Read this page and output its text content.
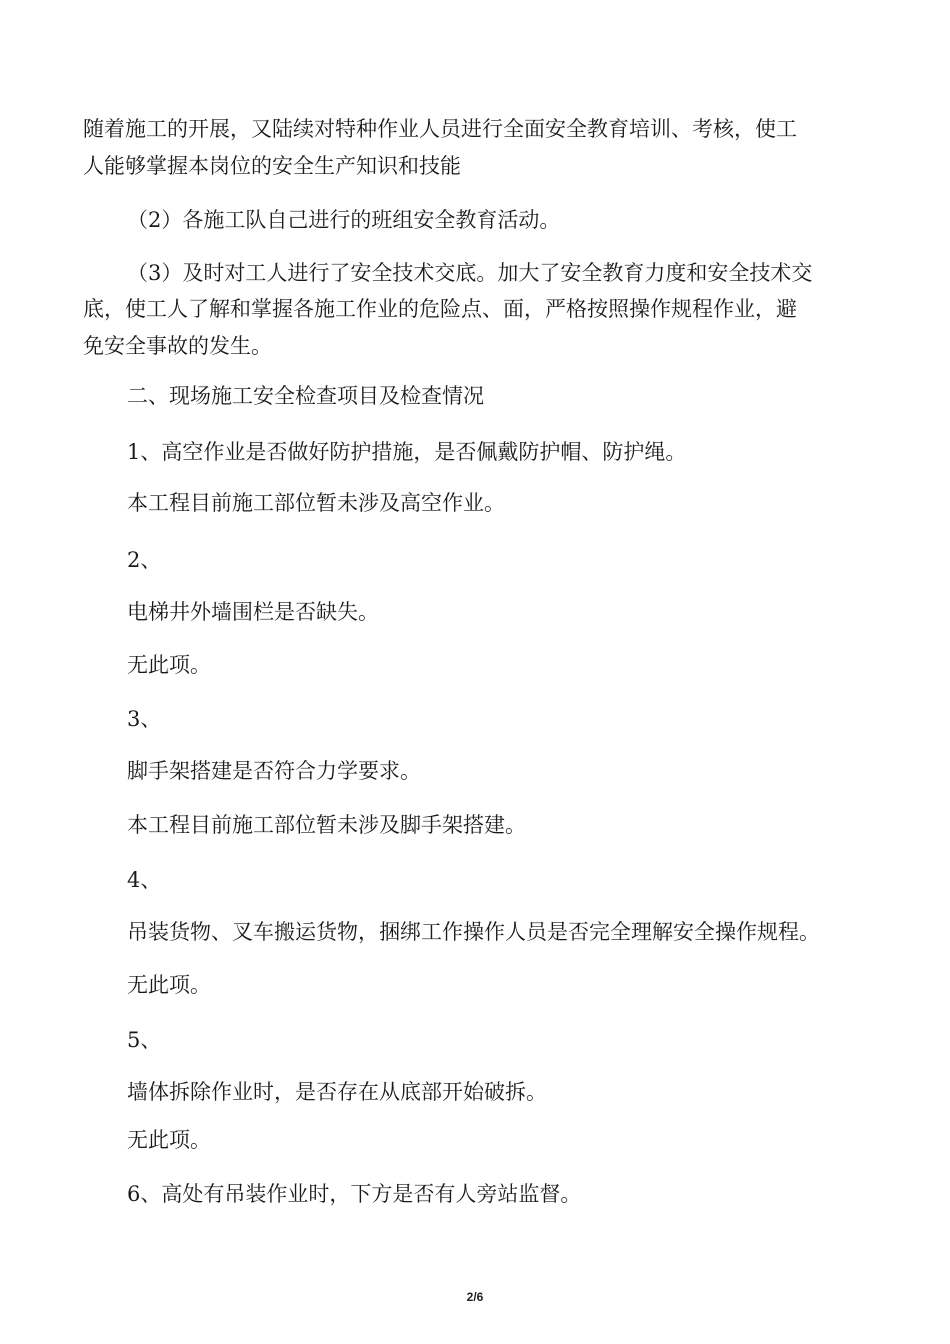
随着施工的开展，又陆续对特种作业人员进行全面安全教育培训、考核，使工
人能够掌握本岗位的安全生产知识和技能
（2）各施工队自己进行的班组安全教育活动。
（3）及时对工人进行了安全技术交底。加大了安全教育力度和安全技术交
底，使工人了解和掌握各施工作业的危险点、面，严格按照操作规程作业，避
免安全事故的发生。
二、现场施工安全检查项目及检查情况
1、高空作业是否做好防护措施，是否佩戴防护帽、防护绳。
本工程目前施工部位暂未涉及高空作业。
2、
电梯井外墙围栏是否缺失。
无此项。
3、
脚手架搭建是否符合力学要求。
本工程目前施工部位暂未涉及脚手架搭建。
4、
吊装货物、叉车搬运货物，捆绑工作操作人员是否完全理解安全操作规程。
无此项。
5、
墙体拆除作业时，是否存在从底部开始破拆。
无此项。
6、高处有吊装作业时，下方是否有人旁站监督。
2/6
